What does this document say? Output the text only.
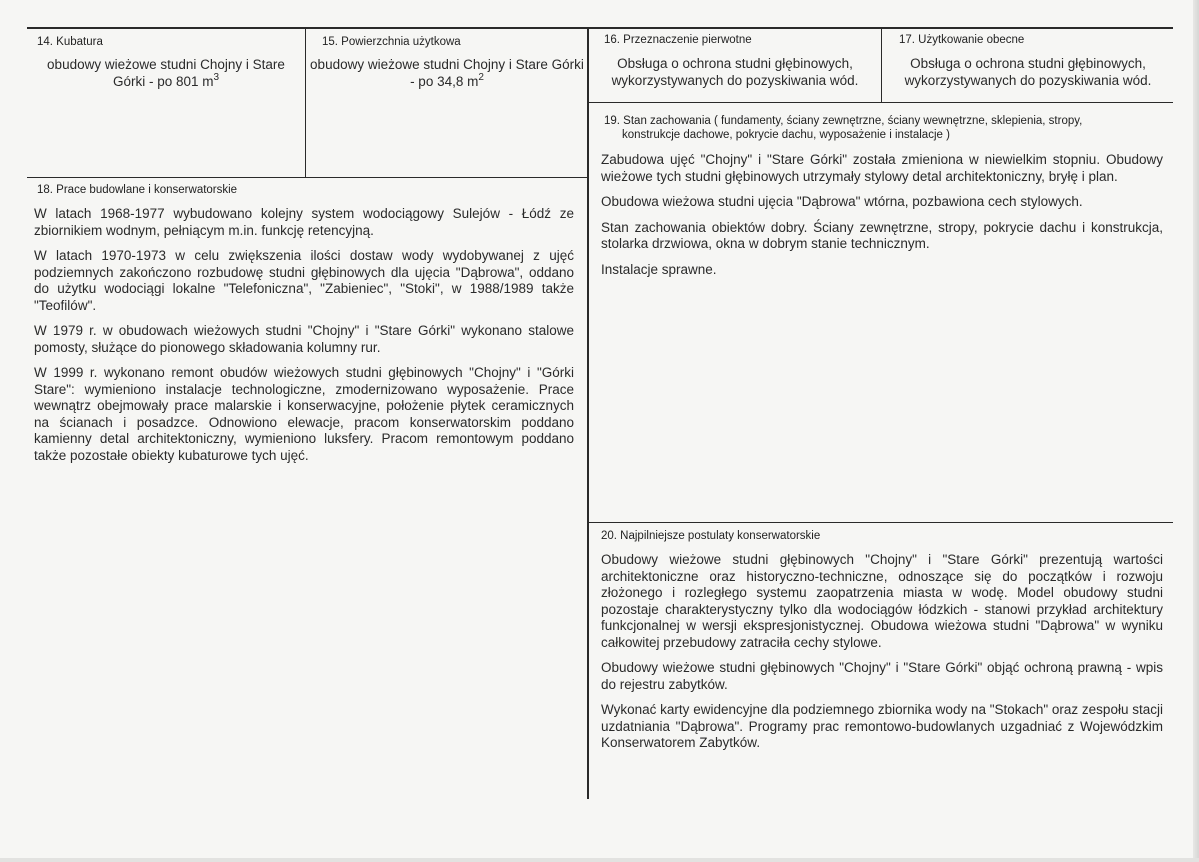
14. Kubatura
obudowy wieżowe studni Chojny i Stare Górki - po 801 $m^3$
15. Powierzchnia użytkowa
obudowy wieżowe studni Chojny i Stare Górki - po 34,8 $m^2$
16. Przeznaczenie pierwotne
Obsługa o ochrona studni głębinowych, wykorzystywanych do pozyskiwania wód.
17. Użytkowanie obecne
Obsługa o ochrona studni głębinowych, wykorzystywanych do pozyskiwania wód.
18. Prace budowlane i konserwatorskie

W latach 1968-1977 wybudowano kolejny system wodociągowy Sulejów - Łódź ze zbiornikiem wodnym, pełniącym m.in. funkcję retencyjną.

W latach 1970-1973 w celu zwiększenia ilości dostaw wody wydobywanej z ujęć podziemnych zakończono rozbudowę studni głębinowych dla ujęcia "Dąbrowa", oddano do użytku wodociągi lokalne "Telefoniczna", "Zabieniec", "Stoki", w 1988/1989 także "Teofilów".

W 1979 r. w obudowach wieżowych studni "Chojny" i "Stare Górki" wykonano stalowe pomosty, służące do pionowego składowania kolumny rur.

W 1999 r. wykonano remont obudów wieżowych studni głębinowych "Chojny" i "Górki Stare": wymieniono instalacje technologiczne, zmodernizowano wyposażenie. Prace wewnątrz obejmowały prace malarskie i konserwacyjne, położenie płytek ceramicznych na ścianach i posadzce. Odnowiono elewacje, pracom konserwatorskim poddano kamienny detal architektoniczny, wymieniono luksfery. Pracom remontowym poddano także pozostałe obiekty kubaturowe tych ujęć.

19. Stan zachowania ( fundamenty, ściany zewnętrzne, ściany wewnętrzne, sklepienia, stropy,
konstrukcje dachowe, pokrycie dachu, wyposażenie i instalacje )

Zabudowa ujęć "Chojny" i "Stare Górki" została zmieniona w niewielkim stopniu. Obudowy wieżowe tych studni głębinowych utrzymały stylowy detal architektoniczny, bryłę i plan.

Obudowa wieżowa studni ujęcia "Dąbrowa" wtórna, pozbawiona cech stylowych.

Stan zachowania obiektów dobry. Ściany zewnętrzne, stropy, pokrycie dachu i konstrukcja, stolarka drzwiowa, okna w dobrym stanie technicznym.

Instalacje sprawne.

20. Najpilniejsze postulaty konserwatorskie

Obudowy wieżowe studni głębinowych "Chojny" i "Stare Górki" prezentują wartości architektoniczne oraz historyczno-techniczne, odnoszące się do początków i rozwoju złożonego i rozległego systemu zaopatrzenia miasta w wodę. Model obudowy studni pozostaje charakterystyczny tylko dla wodociągów łódzkich - stanowi przykład architektury funkcjonalnej w wersji ekspresjonistycznej. Obudowa wieżowa studni "Dąbrowa" w wyniku całkowitej przebudowy zatraciła cechy stylowe.

Obudowy wieżowe studni głębinowych "Chojny" i "Stare Górki" objąć ochroną prawną - wpis do rejestru zabytków.

Wykonać karty ewidencyjne dla podziemnego zbiornika wody na "Stokach" oraz zespołu stacji uzdatniania "Dąbrowa". Programy prac remontowo-budowlanych uzgadniać z Wojewódzkim Konserwatorem Zabytków.
